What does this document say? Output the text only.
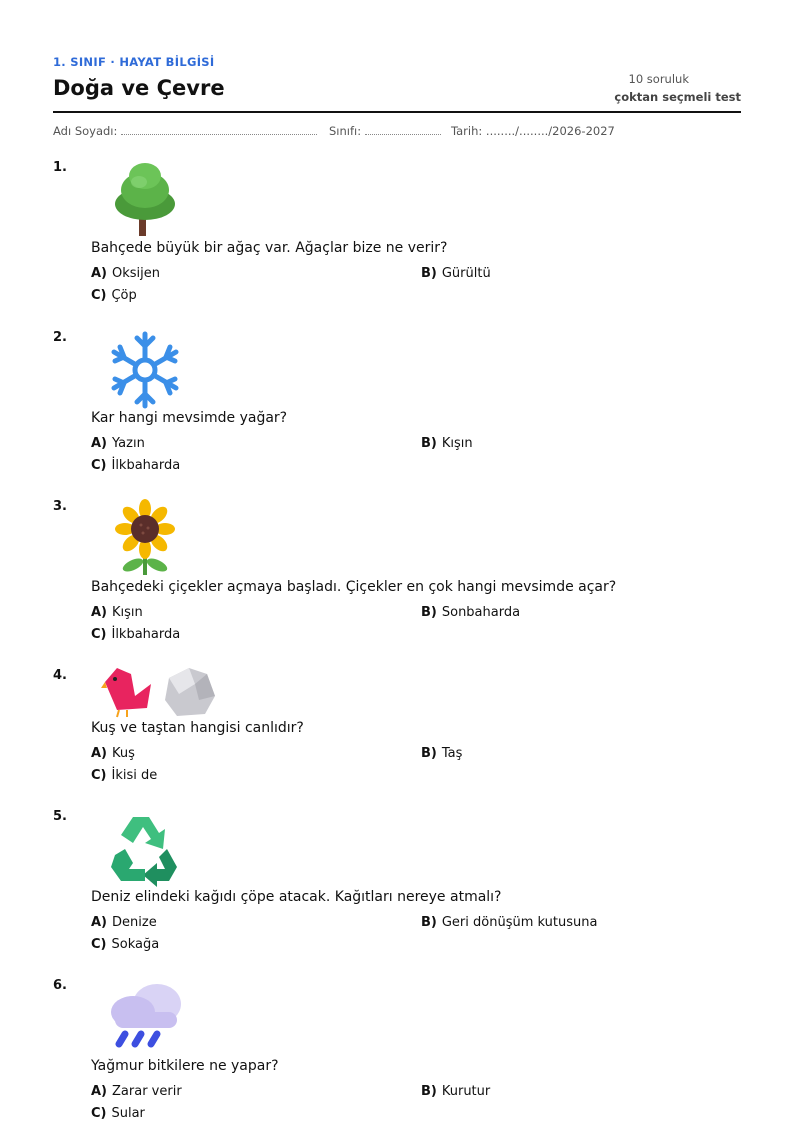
1. SINIF · HAYAT BİLGİSİ
Doğa ve Çevre	10 soruluk
çoktan seçmeli test
Adı Soyadı:	Sınıfı:	Tarih: ......../......../2026-2027
1.
Bahçede büyük bir ağaç var. Ağaçlar bize ne verir?
A) Oksijen	B) Gürültü
C) Çöp
2.
Kar hangi mevsimde yağar?
A) Yazın	B) Kışın
C) İlkbaharda
3.
Bahçedeki çiçekler açmaya başladı. Çiçekler en çok hangi mevsimde açar?
A) Kışın	B) Sonbaharda
C) İlkbaharda
4.
Kuş ve taştan hangisi canlıdır?
A) Kuş	B) Taş
C) İkisi de
5.
Deniz elindeki kağıdı çöpe atacak. Kağıtları nereye atmalı?
A) Denize	B) Geri dönüşüm kutusuna
C) Sokağa
6.
Yağmur bitkilere ne yapar?
A) Zarar verir	B) Kurutur
C) Sular
